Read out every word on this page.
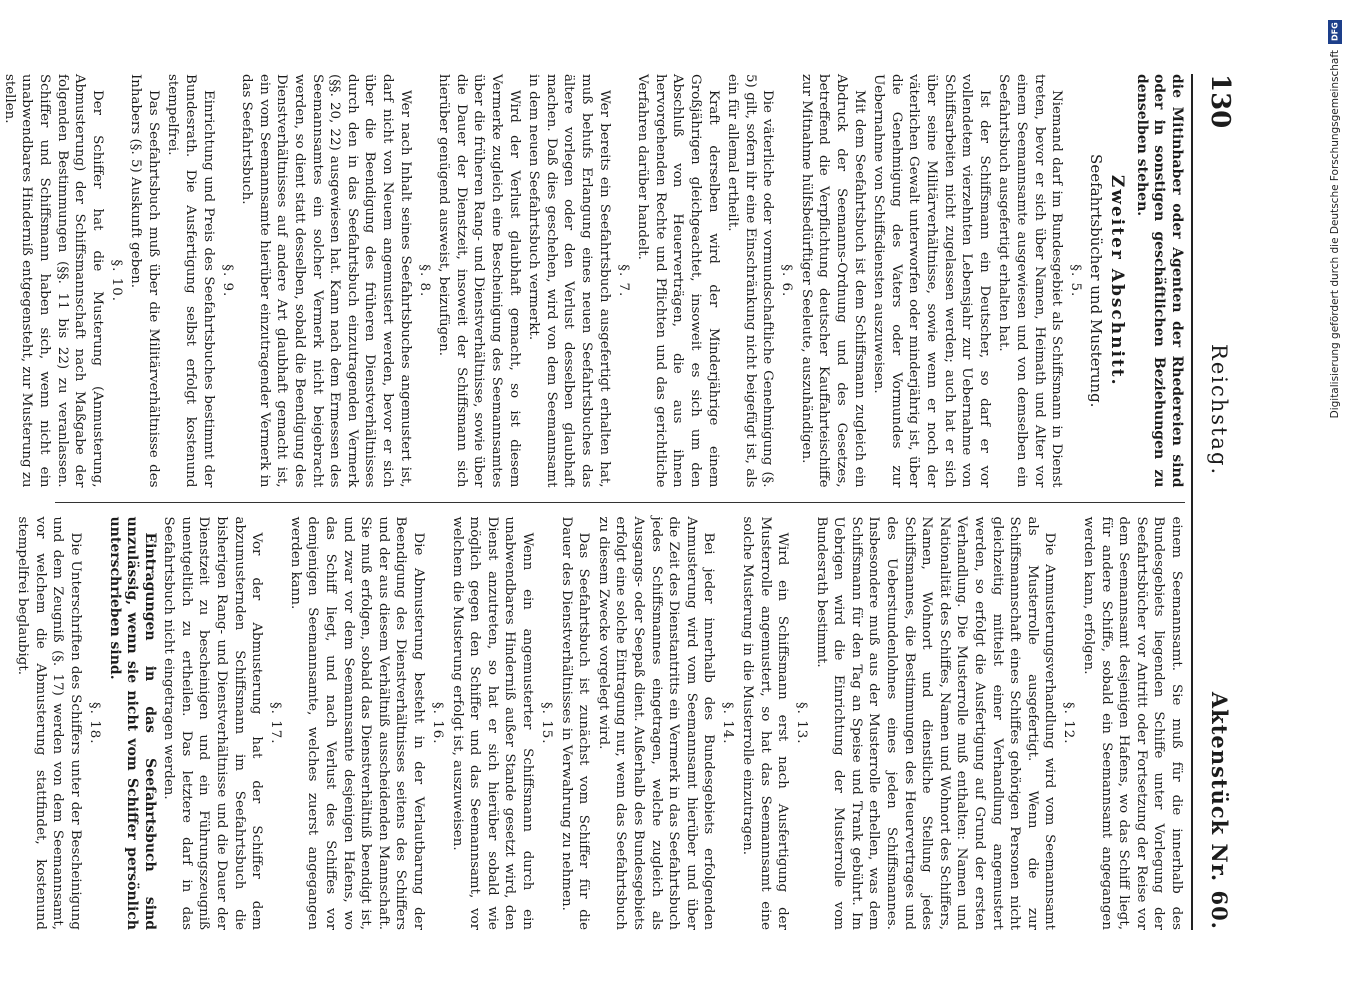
130
Reichstag.
Aktenstück Nr. 60.

die Mitinhaber oder Agenten der Rhedereien sind oder in sonstigen geschäftlichen Beziehungen zu denselben stehen.

Zweiter Abschnitt.
Seefahrtsbücher und Musterung.
§. 5.

Niemand darf im Bundesgebiet als Schiffsmann in Dienst treten, bevor er sich über Namen, Heimath und Alter vor einem Seemannsamte ausgewiesen und von demselben ein Seefahrtsbuch ausgefertigt erhalten hat.

Ist der Schiffsmann ein Deutscher, so darf er vor vollendetem vierzehnten Lebensjahr zur Uebernahme von Schiffsarbeiten nicht zugelassen werden; auch hat er sich über seine Militärverhältnisse, sowie wenn er noch der väterlichen Gewalt unterworfen oder minderjährig ist, über die Genehmigung des Vaters oder Vormundes zur Uebernahme von Schiffsdiensten auszuweisen.

Mit dem Seefahrtsbuch ist dem Schiffsmann zugleich ein Abdruck der Seemanns-Ordnung und des Gesetzes, betreffend die Verpflichtung deutscher Kauffahrteischiffe zur Mitnahme hülfsbedürftiger Seeleute, auszuhändigen.

§. 6.

Die väterliche oder vormundschaftliche Genehmigung (§. 5) gilt, sofern ihr eine Einschränkung nicht beigefügt ist, als ein für allemal ertheilt.

Kraft derselben wird der Minderjährige einem Großjährigen gleichgeachtet, insoweit es sich um den Abschluß von Heuerverträgen, die aus ihnen hervorgehenden Rechte und Pflichten und das gerichtliche Verfahren darüber handelt.

§. 7.

Wer bereits ein Seefahrtsbuch ausgefertigt erhalten hat, muß behufs Erlangung eines neuen Seefahrtsbuches das ältere vorlegen oder den Verlust desselben glaubhaft machen. Daß dies geschehen, wird von dem Seemannsamt in dem neuen Seefahrtsbuch vermerkt.

Wird der Verlust glaubhaft gemacht, so ist diesem Vermerke zugleich eine Bescheinigung des Seemannsamtes über die früheren Rang- und Dienstverhältnisse, sowie über die Dauer der Dienstzeit, insoweit der Schiffsmann sich hierüber genügend ausweist, beizufügen.

§. 8.

Wer nach Inhalt seines Seefahrtsbuches angemustert ist, darf nicht von Neuem angemustert werden, bevor er sich über die Beendigung des früheren Dienstverhältnisses durch den in das Seefahrtsbuch einzutragenden Vermerk (§§. 20, 22) ausgewiesen hat. Kann nach dem Ermessen des Seemannsamtes ein solcher Vermerk nicht beigebracht werden, so dient statt desselben, sobald die Beendigung des Dienstverhältnisses auf andere Art glaubhaft gemacht ist, ein vom Seemannsamte hierüber einzutragender Vermerk in das Seefahrtsbuch.

§. 9.

Einrichtung und Preis des Seefahrtsbuches bestimmt der Bundesrath. Die Ausfertigung selbst erfolgt kostenund stempelfrei.

Das Seefahrtsbuch muß über die Militärverhältnisse des Inhabers (§. 5) Auskunft geben.

§. 10.

Der Schiffer hat die Musterung (Anmusterung, Abmusterung) der Schiffsmannschaft nach Maßgabe der folgenden Bestimmungen (§§. 11 bis 22) zu veranlassen. Schiffer und Schiffsmann haben sich, wenn nicht ein unabwendbares Hinderniß entgegensteht, zur Musterung zu stellen.

einem Seemannsamt. Sie muß für die innerhalb des Bundesgebiets liegenden Schiffe unter Vorlegung der Seefahrtsbücher vor Antritt oder Fortsetzung der Reise vor dem Seemannsamt desjenigen Hafens, wo das Schiff liegt, für andere Schiffe, sobald ein Seemannsamt angegangen werden kann, erfolgen.

§. 12.

Die Anmusterungsverhandlung wird vom Seemannsamt als Musterrolle ausgefertigt. Wenn die zur Schiffsmannschaft eines Schiffes gehörigen Personen nicht gleichzeitig mittelst einer Verhandlung angemustert werden, so erfolgt die Ausfertigung auf Grund der ersten Verhandlung. Die Musterrolle muß enthalten: Namen und Nationalität des Schiffes, Namen und Wohnort des Schiffers, Namen, Wohnort und dienstliche Stellung jedes Schiffsmannes, die Bestimmungen des Heuervertrages und des Ueberstundenlohnes eines jeden Schiffsmannes. Insbesondere muß aus der Musterrolle erhellen, was dem Schiffsmann für den Tag an Speise und Trank gebührt. Im Uebrigen wird die Einrichtung der Musterrolle vom Bundesrath bestimmt.

§. 13.

Wird ein Schiffsmann erst nach Ausfertigung der Musterrolle angemustert, so hat das Seemannsamt eine solche Musterung in die Musterrolle einzutragen.

§. 14.

Bei jeder innerhalb des Bundesgebiets erfolgenden Anmusterung wird vom Seemannsamt hierüber und über die Zeit des Dienstantritts ein Vermerk in das Seefahrtsbuch jedes Schiffsmannes eingetragen, welche zugleich als Ausgangs- oder Seepaß dient. Außerhalb des Bundesgebiets erfolgt eine solche Eintragung nur, wenn das Seefahrtsbuch zu diesem Zwecke vorgelegt wird.

Das Seefahrtsbuch ist zunächst vom Schiffer für die Dauer des Dienstverhältnisses in Verwahrung zu nehmen.

§. 15.

Wenn ein angemusterter Schiffsmann durch ein unabwendbares Hinderniß außer Stande gesetzt wird, den Dienst anzutreten, so hat er sich hierüber sobald wie möglich gegen den Schiffer und das Seemannsamt, vor welchem die Musterung erfolgt ist, auszuweisen.

§. 16.

Die Abmusterung besteht in der Verlautbarung der Beendigung des Dienstverhältnisses seitens des Schiffers und der aus diesem Verhältniß ausscheidenden Mannschaft. Sie muß erfolgen, sobald das Dienstverhältniß beendigt ist, und zwar vor dem Seemannsamte desjenigen Hafens, wo das Schiff liegt, und nach Verlust des Schiffes vor demjenigen Seemannsamte, welches zuerst angegangen werden kann.

§. 17.

Vor der Abmusterung hat der Schiffer dem abzumusternden Schiffsmann im Seefahrtsbuch die bisherigen Rang- und Dienstverhältnisse und die Dauer der Dienstzeit zu bescheinigen und ein Führungszeugniß unentgeltlich zu ertheilen. Das letztere darf in das Seefahrtsbuch nicht eingetragen werden.

Eintragungen in das Seefahrtsbuch sind unzulässig, wenn sie nicht vom Schiffer persönlich unterschrieben sind.

§. 18.

Die Unterschriften des Schiffers unter der Bescheinigung und dem Zeugniß (§. 17) werden von dem Seemannsamt, vor welchem die Abmusterung stattfindet, kostenund stempelfrei beglaubigt.

DFG
Digitalisierung gefördert durch die Deutsche Forschungsgemeinschaft
